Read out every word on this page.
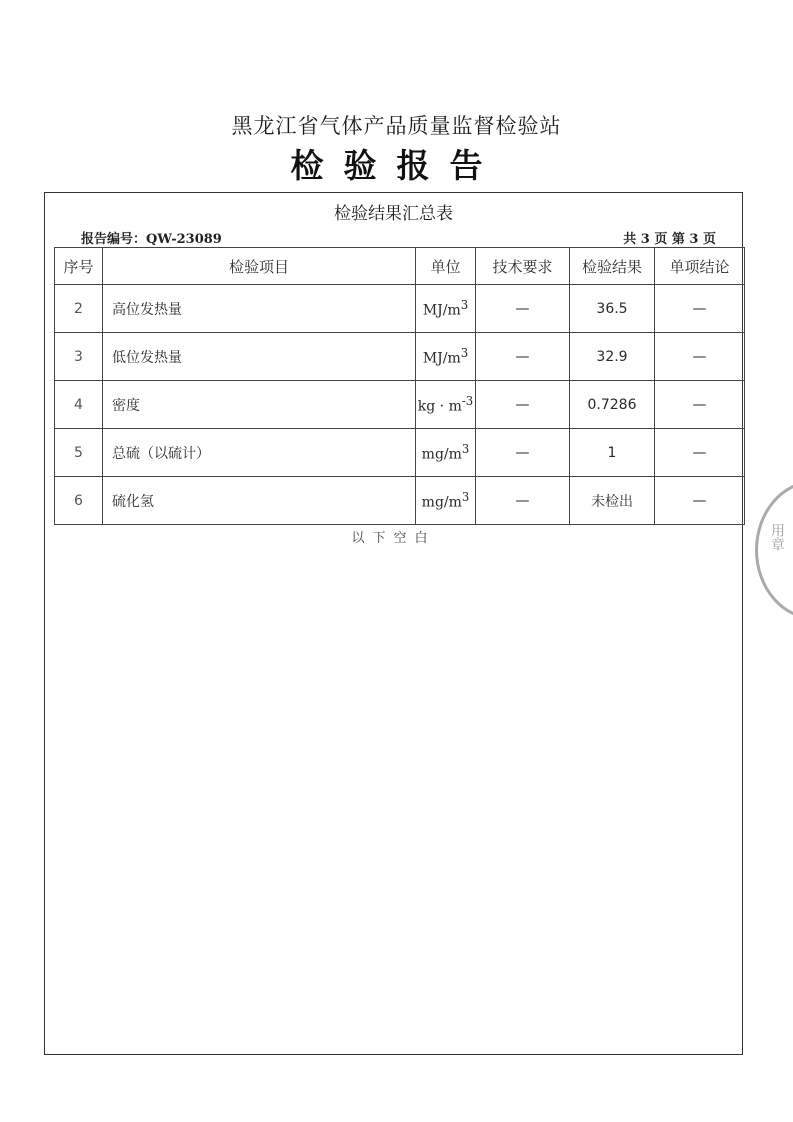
黑龙江省气体产品质量监督检验站
检验报告
检验结果汇总表
报告编号：QW-23089	共 3 页 第 3 页
序号	检验项目	单位	技术要求	检验结果	单项结论
2	高位发热量	$MJ/m^3$	—	36.5	—
3	低位发热量	$MJ/m^3$	—	32.9	—
4	密度	kg · $m^{-3}$	—	0.7286	—
5	总硫（以硫计）	$mg/m^3$	—	1	—
6	硫化氢	$mg/m^3$	—	未检出	—
以下空白	用章
